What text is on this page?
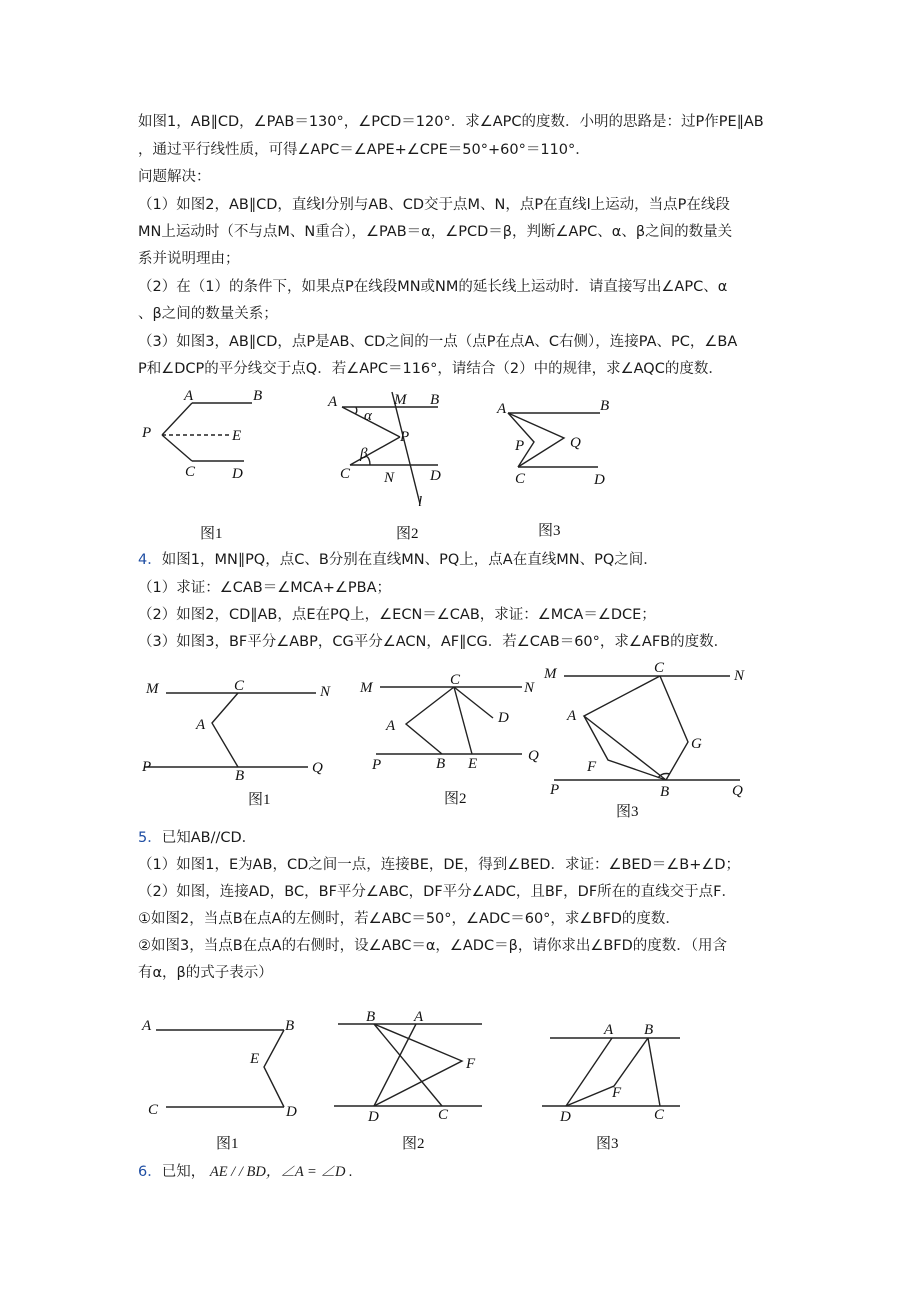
如图1，AB∥CD，∠PAB＝130°，∠PCD＝120°．求∠APC的度数．小明的思路是：过P作PE∥AB
，通过平行线性质，可得∠APC＝∠APE+∠CPE＝50°+60°＝110°．
问题解决：
（1）如图2，AB∥CD，直线l分别与AB、CD交于点M、N，点P在直线l上运动，当点P在线段
MN上运动时（不与点M、N重合），∠PAB＝α，∠PCD＝β，判断∠APC、α、β之间的数量关
系并说明理由；
（2）在（1）的条件下，如果点P在线段MN或NM的延长线上运动时．请直接写出∠APC、α
、β之间的数量关系；
（3）如图3，AB∥CD，点P是AB、CD之间的一点（点P在点A、C右侧），连接PA、PC，∠BA
P和∠DCP的平分线交于点Q．若∠APC＝116°，请结合（2）中的规律，求∠AQC的度数．
A	B
P	E
C D
图1
A	M B
α
P
β
C N D
l
图2
A	B
P	Q
C	D
图3
4．如图1，MN∥PQ，点C、B分别在直线MN、PQ上，点A在直线MN、PQ之间．
（1）求证：∠CAB＝∠MCA+∠PBA；
（2）如图2，CD∥AB，点E在PQ上，∠ECN＝∠CAB，求证：∠MCA＝∠DCE；
（3）如图3，BF平分∠ABP，CG平分∠ACN，AF∥CG．若∠CAB＝60°，求∠AFB的度数．
M	C	N
A
P
B	Q
图1
M	C	N
A	D
P	B E	Q
图2
M	C	N
A
G
F
P	B	Q
图3
5．已知AB//CD．
（1）如图1，E为AB，CD之间一点，连接BE，DE，得到∠BED．求证：∠BED＝∠B+∠D；
（2）如图，连接AD，BC，BF平分∠ABC，DF平分∠ADC，且BF，DF所在的直线交于点F．
①如图2，当点B在点A的左侧时，若∠ABC＝50°，∠ADC＝60°，求∠BFD的度数．
②如图3，当点B在点A的右侧时，设∠ABC＝α，∠ADC＝β，请你求出∠BFD的度数．（用含
有α，β的式子表示）
A	B
E
C	D
图1
B	A
F
D	C
图2
A B
F
D	C
图3
6．已知， AE / / BD，∠A = ∠D .
